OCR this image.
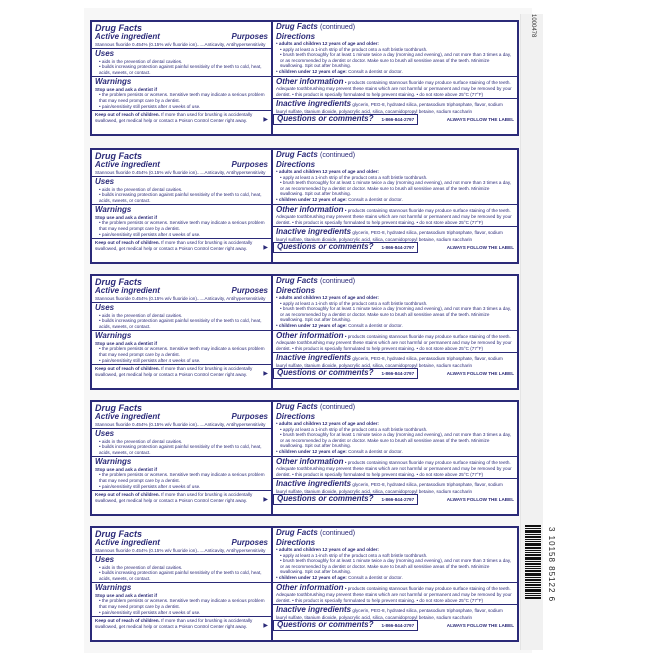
1000478
Drug Facts
Active ingredient	Purposes
Stannous fluoride 0.454% (0.15% w/v fluoride ion)......Anticavity, Antihypersensitivity
Uses
• aids in the prevention of dental cavities.
• builds increasing protection against painful sensitivity of the teeth to cold, heat, acids, sweets, or contact.
Warnings
Stop use and ask a dentist if
• the problem persists or worsens. Sensitive teeth may indicate a serious problem that may need prompt care by a dentist.
• pain/sensitivity still persists after 4 weeks of use.
Keep out of reach of children. If more than used for brushing is accidentally swallowed, get medical help or contact a Poison Control Center right away.	▶
Drug Facts (continued)
Directions
• adults and children 12 years of age and older:
• apply at least a 1-inch strip of the product onto a soft bristle toothbrush.
• brush teeth thoroughly for at least 1 minute twice a day (morning and evening), and not more than 3 times a day, or as recommended by a dentist or doctor. Make sure to brush all sensitive areas of the teeth. Minimize swallowing. Spit out after brushing.
• children under 12 years of age: Consult a dentist or doctor.
Other information • products containing stannous fluoride may produce surface staining of the teeth. Adequate toothbrushing may prevent these stains which are not harmful or permanent and may be removed by your dentist. • this product is specially formulated to help prevent staining. • do not store above 25°C (77°F)
Inactive ingredients glycerin, PEG-8, hydrated silica, pentasodium triphosphate, flavor, sodium lauryl sulfate, titanium dioxide, polyacrylic acid, silica, cocamidopropyl betaine, sodium saccharin
Questions or comments? 1-866-844-2797	ALWAYS FOLLOW THE LABEL
Drug Facts
Active ingredient	Purposes
Stannous fluoride 0.454% (0.15% w/v fluoride ion)......Anticavity, Antihypersensitivity
Uses
• aids in the prevention of dental cavities.
• builds increasing protection against painful sensitivity of the teeth to cold, heat, acids, sweets, or contact.
Warnings
Stop use and ask a dentist if
• the problem persists or worsens. Sensitive teeth may indicate a serious problem that may need prompt care by a dentist.
• pain/sensitivity still persists after 4 weeks of use.
Keep out of reach of children. If more than used for brushing is accidentally swallowed, get medical help or contact a Poison Control Center right away.	▶
Drug Facts (continued)
Directions
• adults and children 12 years of age and older:
• apply at least a 1-inch strip of the product onto a soft bristle toothbrush.
• brush teeth thoroughly for at least 1 minute twice a day (morning and evening), and not more than 3 times a day, or as recommended by a dentist or doctor. Make sure to brush all sensitive areas of the teeth. Minimize swallowing. Spit out after brushing.
• children under 12 years of age: Consult a dentist or doctor.
Other information • products containing stannous fluoride may produce surface staining of the teeth. Adequate toothbrushing may prevent these stains which are not harmful or permanent and may be removed by your dentist. • this product is specially formulated to help prevent staining. • do not store above 25°C (77°F)
Inactive ingredients glycerin, PEG-8, hydrated silica, pentasodium triphosphate, flavor, sodium lauryl sulfate, titanium dioxide, polyacrylic acid, silica, cocamidopropyl betaine, sodium saccharin
Questions or comments? 1-866-844-2797	ALWAYS FOLLOW THE LABEL
Drug Facts
Active ingredient	Purposes
Stannous fluoride 0.454% (0.15% w/v fluoride ion)......Anticavity, Antihypersensitivity
Uses
• aids in the prevention of dental cavities.
• builds increasing protection against painful sensitivity of the teeth to cold, heat, acids, sweets, or contact.
Warnings
Stop use and ask a dentist if
• the problem persists or worsens. Sensitive teeth may indicate a serious problem that may need prompt care by a dentist.
• pain/sensitivity still persists after 4 weeks of use.
Keep out of reach of children. If more than used for brushing is accidentally swallowed, get medical help or contact a Poison Control Center right away.	▶
Drug Facts (continued)
Directions
• adults and children 12 years of age and older:
• apply at least a 1-inch strip of the product onto a soft bristle toothbrush.
• brush teeth thoroughly for at least 1 minute twice a day (morning and evening), and not more than 3 times a day, or as recommended by a dentist or doctor. Make sure to brush all sensitive areas of the teeth. Minimize swallowing. Spit out after brushing.
• children under 12 years of age: Consult a dentist or doctor.
Other information • products containing stannous fluoride may produce surface staining of the teeth. Adequate toothbrushing may prevent these stains which are not harmful or permanent and may be removed by your dentist. • this product is specially formulated to help prevent staining. • do not store above 25°C (77°F)
Inactive ingredients glycerin, PEG-8, hydrated silica, pentasodium triphosphate, flavor, sodium lauryl sulfate, titanium dioxide, polyacrylic acid, silica, cocamidopropyl betaine, sodium saccharin
Questions or comments? 1-866-844-2797	ALWAYS FOLLOW THE LABEL
Drug Facts
Active ingredient	Purposes
Stannous fluoride 0.454% (0.15% w/v fluoride ion)......Anticavity, Antihypersensitivity
Uses
• aids in the prevention of dental cavities.
• builds increasing protection against painful sensitivity of the teeth to cold, heat, acids, sweets, or contact.
Warnings
Stop use and ask a dentist if
• the problem persists or worsens. Sensitive teeth may indicate a serious problem that may need prompt care by a dentist.
• pain/sensitivity still persists after 4 weeks of use.
Keep out of reach of children. If more than used for brushing is accidentally swallowed, get medical help or contact a Poison Control Center right away.	▶
Drug Facts (continued)
Directions
• adults and children 12 years of age and older:
• apply at least a 1-inch strip of the product onto a soft bristle toothbrush.
• brush teeth thoroughly for at least 1 minute twice a day (morning and evening), and not more than 3 times a day, or as recommended by a dentist or doctor. Make sure to brush all sensitive areas of the teeth. Minimize swallowing. Spit out after brushing.
• children under 12 years of age: Consult a dentist or doctor.
Other information • products containing stannous fluoride may produce surface staining of the teeth. Adequate toothbrushing may prevent these stains which are not harmful or permanent and may be removed by your dentist. • this product is specially formulated to help prevent staining. • do not store above 25°C (77°F)
Inactive ingredients glycerin, PEG-8, hydrated silica, pentasodium triphosphate, flavor, sodium lauryl sulfate, titanium dioxide, polyacrylic acid, silica, cocamidopropyl betaine, sodium saccharin
Questions or comments? 1-866-844-2797	ALWAYS FOLLOW THE LABEL
Drug Facts
Active ingredient	Purposes
Stannous fluoride 0.454% (0.15% w/v fluoride ion)......Anticavity, Antihypersensitivity
Uses
• aids in the prevention of dental cavities.
• builds increasing protection against painful sensitivity of the teeth to cold, heat, acids, sweets, or contact.
Warnings
Stop use and ask a dentist if
• the problem persists or worsens. Sensitive teeth may indicate a serious problem that may need prompt care by a dentist.
• pain/sensitivity still persists after 4 weeks of use.
Keep out of reach of children. If more than used for brushing is accidentally swallowed, get medical help or contact a Poison Control Center right away.	▶
Drug Facts (continued)
Directions
• adults and children 12 years of age and older:
• apply at least a 1-inch strip of the product onto a soft bristle toothbrush.
• brush teeth thoroughly for at least 1 minute twice a day (morning and evening), and not more than 3 times a day, or as recommended by a dentist or doctor. Make sure to brush all sensitive areas of the teeth. Minimize swallowing. Spit out after brushing.
• children under 12 years of age: Consult a dentist or doctor.
Other information • products containing stannous fluoride may produce surface staining of the teeth. Adequate toothbrushing may prevent these stains which are not harmful or permanent and may be removed by your dentist. • this product is specially formulated to help prevent staining. • do not store above 25°C (77°F)
Inactive ingredients glycerin, PEG-8, hydrated silica, pentasodium triphosphate, flavor, sodium lauryl sulfate, titanium dioxide, polyacrylic acid, silica, cocamidopropyl betaine, sodium saccharin
Questions or comments? 1-866-844-2797	ALWAYS FOLLOW THE LABEL
3 10158 85122 6
